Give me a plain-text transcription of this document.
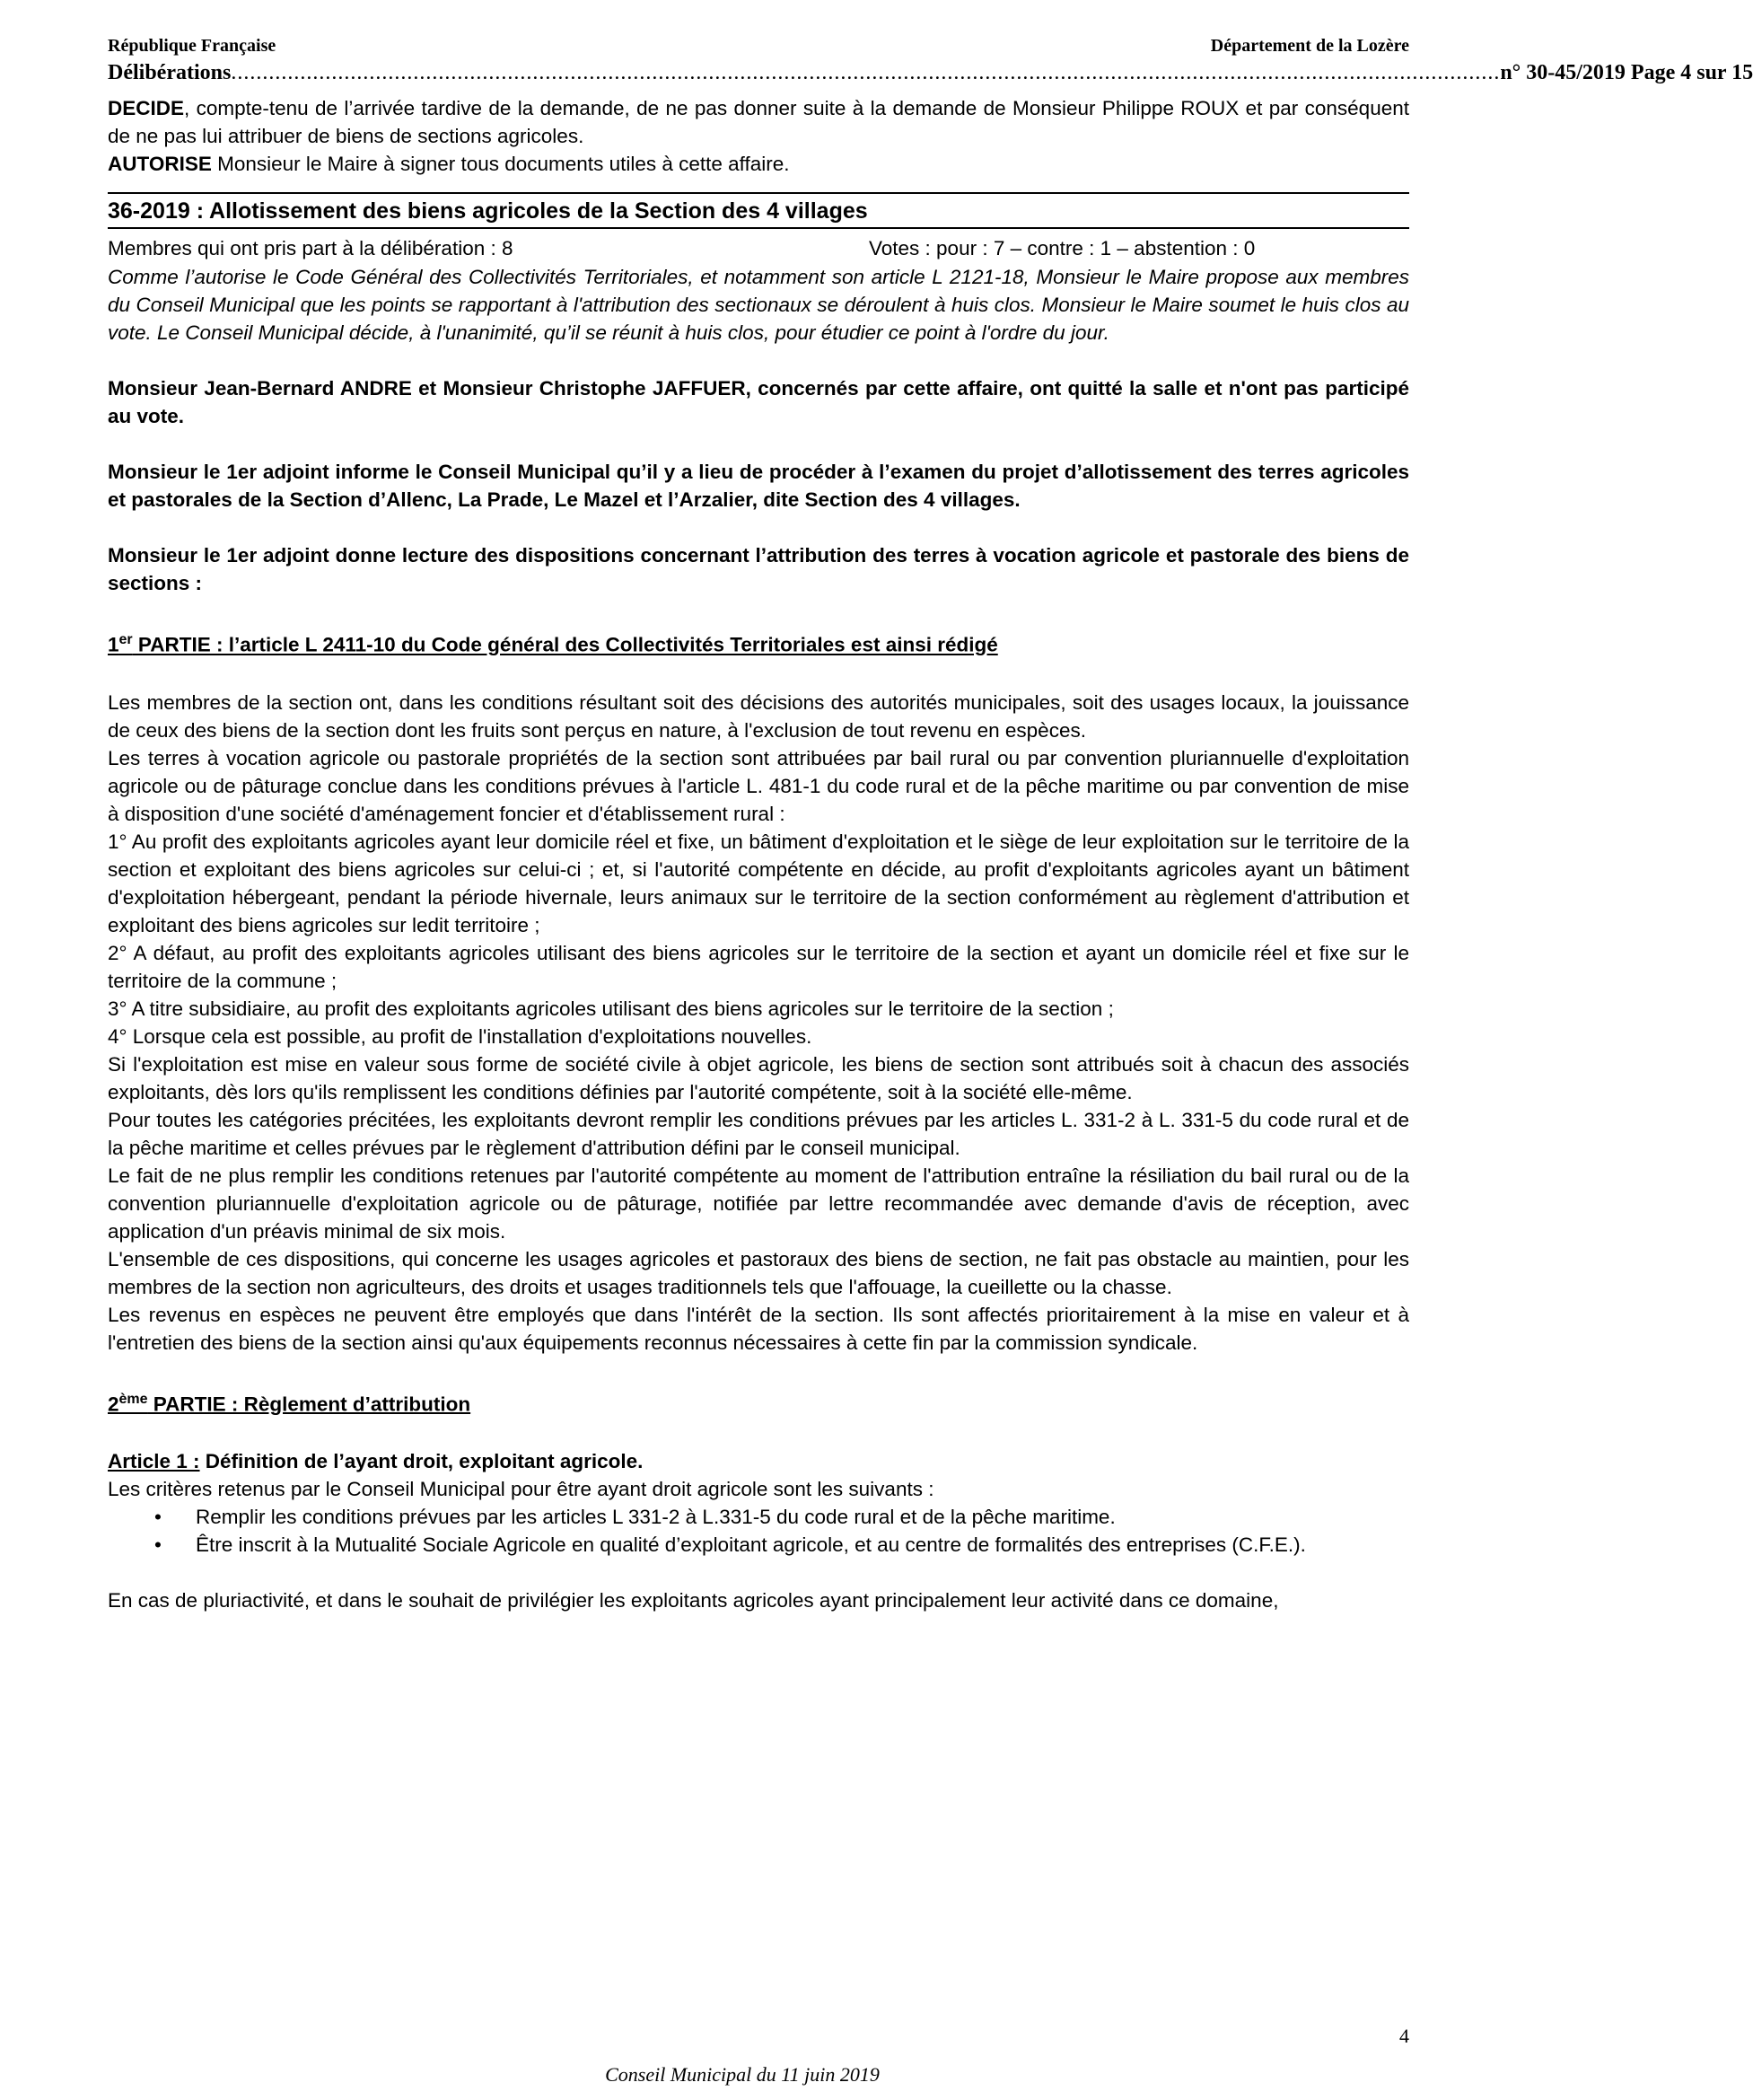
République Française	Département de la Lozère
Délibérations .......................................................................................................................................................................................................... n° 30-45/2019 Page 4 sur 15

DECIDE, compte-tenu de l’arrivée tardive de la demande, de ne pas donner suite à la demande de Monsieur Philippe ROUX et par conséquent de ne pas lui attribuer de biens de sections agricoles.

AUTORISE Monsieur le Maire à signer tous documents utiles à cette affaire.

36-2019 : Allotissement des biens agricoles de la Section des 4 villages
Membres qui ont pris part à la délibération : 8	Votes : pour : 7 – contre : 1 – abstention : 0

Comme l’autorise le Code Général des Collectivités Territoriales, et notamment son article L 2121-18, Monsieur le Maire propose aux membres du Conseil Municipal que les points se rapportant à l'attribution des sectionaux se déroulent à huis clos. Monsieur le Maire soumet le huis clos au vote. Le Conseil Municipal décide, à l'unanimité, qu’il se réunit à huis clos, pour étudier ce point à l'ordre du jour.

Monsieur Jean-Bernard ANDRE et Monsieur Christophe JAFFUER, concernés par cette affaire, ont quitté la salle et n'ont pas participé au vote.

Monsieur le 1er adjoint informe le Conseil Municipal qu’il y a lieu de procéder à l’examen du projet d’allotissement des terres agricoles et pastorales de la Section d’Allenc, La Prade, Le Mazel et l’Arzalier, dite Section des 4 villages.

Monsieur le 1er adjoint donne lecture des dispositions concernant l’attribution des terres à vocation agricole et pastorale des biens de sections :

1er PARTIE : l’article L 2411-10 du Code général des Collectivités Territoriales est ainsi rédigé

Les membres de la section ont, dans les conditions résultant soit des décisions des autorités municipales, soit des usages locaux, la jouissance de ceux des biens de la section dont les fruits sont perçus en nature, à l'exclusion de tout revenu en espèces.

Les terres à vocation agricole ou pastorale propriétés de la section sont attribuées par bail rural ou par convention pluriannuelle d'exploitation agricole ou de pâturage conclue dans les conditions prévues à l'article L. 481-1 du code rural et de la pêche maritime ou par convention de mise à disposition d'une société d'aménagement foncier et d'établissement rural :

1° Au profit des exploitants agricoles ayant leur domicile réel et fixe, un bâtiment d'exploitation et le siège de leur exploitation sur le territoire de la section et exploitant des biens agricoles sur celui-ci ; et, si l'autorité compétente en décide, au profit d'exploitants agricoles ayant un bâtiment d'exploitation hébergeant, pendant la période hivernale, leurs animaux sur le territoire de la section conformément au règlement d'attribution et exploitant des biens agricoles sur ledit territoire ;

2° A défaut, au profit des exploitants agricoles utilisant des biens agricoles sur le territoire de la section et ayant un domicile réel et fixe sur le territoire de la commune ;

3° A titre subsidiaire, au profit des exploitants agricoles utilisant des biens agricoles sur le territoire de la section ;

4° Lorsque cela est possible, au profit de l'installation d'exploitations nouvelles.

Si l'exploitation est mise en valeur sous forme de société civile à objet agricole, les biens de section sont attribués soit à chacun des associés exploitants, dès lors qu'ils remplissent les conditions définies par l'autorité compétente, soit à la société elle-même.

Pour toutes les catégories précitées, les exploitants devront remplir les conditions prévues par les articles L. 331-2 à L. 331-5 du code rural et de la pêche maritime et celles prévues par le règlement d'attribution défini par le conseil municipal.

Le fait de ne plus remplir les conditions retenues par l'autorité compétente au moment de l'attribution entraîne la résiliation du bail rural ou de la convention pluriannuelle d'exploitation agricole ou de pâturage, notifiée par lettre recommandée avec demande d'avis de réception, avec application d'un préavis minimal de six mois.

L'ensemble de ces dispositions, qui concerne les usages agricoles et pastoraux des biens de section, ne fait pas obstacle au maintien, pour les membres de la section non agriculteurs, des droits et usages traditionnels tels que l'affouage, la cueillette ou la chasse.

Les revenus en espèces ne peuvent être employés que dans l'intérêt de la section. Ils sont affectés prioritairement à la mise en valeur et à l'entretien des biens de la section ainsi qu'aux équipements reconnus nécessaires à cette fin par la commission syndicale.

2ème PARTIE : Règlement d’attribution

Article 1 : Définition de l’ayant droit, exploitant agricole.

Les critères retenus par le Conseil Municipal pour être ayant droit agricole sont les suivants :

• Remplir les conditions prévues par les articles L 331-2 à L.331-5 du code rural et de la pêche maritime.
• Être inscrit à la Mutualité Sociale Agricole en qualité d’exploitant agricole, et au centre de formalités des entreprises (C.F.E.).

En cas de pluriactivité, et dans le souhait de privilégier les exploitants agricoles ayant principalement leur activité dans ce domaine,

4
Conseil Municipal du 11 juin 2019
